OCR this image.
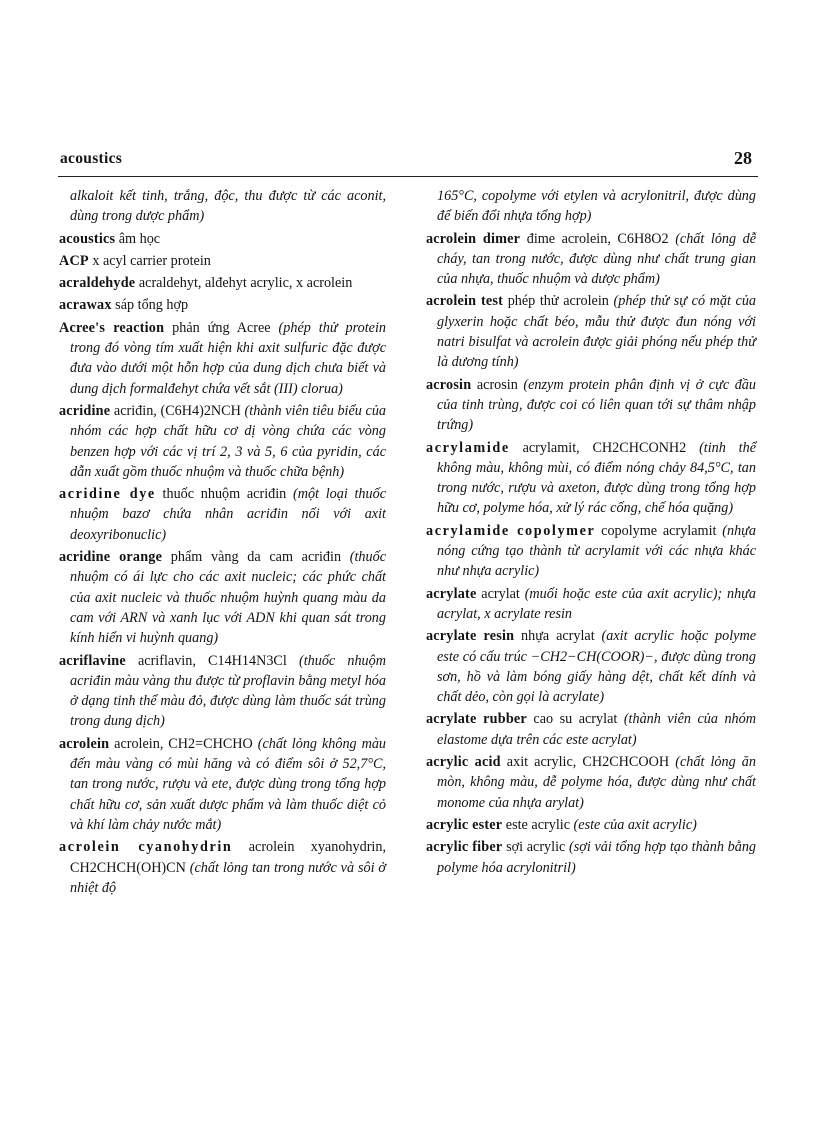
acoustics	28

alkaloit kết tinh, trắng, độc, thu được từ các aconit, dùng trong dược phẩm)

acoustics âm học

ACP x acyl carrier protein

acraldehyde acraldehyt, alđehyt acrylic, x acrolein

acrawax sáp tổng hợp

Acree's reaction phản ứng Acree (phép thử protein trong đó vòng tím xuất hiện khi axit sulfuric đặc được đưa vào dưới một hỗn hợp của dung dịch chưa biết và dung dịch formalđehyt chứa vết sắt (III) clorua)

acridine acriđin, (C6H4)2NCH (thành viên tiêu biểu của nhóm các hợp chất hữu cơ dị vòng chứa các vòng benzen hợp với các vị trí 2, 3 và 5, 6 của pyridin, các dẫn xuất gồm thuốc nhuộm và thuốc chữa bệnh)

acridine dye thuốc nhuộm acriđin (một loại thuốc nhuộm bazơ chứa nhân acriđin nối với axit deoxyribonuclic)

acridine orange phẩm vàng da cam acriđin (thuốc nhuộm có ái lực cho các axit nucleic; các phức chất của axit nucleic và thuốc nhuộm huỳnh quang màu da cam với ARN và xanh lục với ADN khi quan sát trong kính hiển vi huỳnh quang)

acriflavine acriflavin, C14H14N3Cl (thuốc nhuộm acriđin màu vàng thu được từ proflavin bằng metyl hóa ở dạng tinh thể màu đỏ, được dùng làm thuốc sát trùng trong dung dịch)

acrolein acrolein, CH2=CHCHO (chất lỏng không màu đến màu vàng có mùi hăng và có điểm sôi ở 52,7°C, tan trong nước, rượu và ete, được dùng trong tổng hợp chất hữu cơ, sản xuất dược phẩm và làm thuốc diệt cỏ và khí làm chảy nước mắt)

acrolein cyanohydrin acrolein xyanohydrin, CH2CHCH(OH)CN (chất lỏng tan trong nước và sôi ở nhiệt độ

165°C, copolyme với etylen và acrylonitril, được dùng để biến đổi nhựa tổng hợp)

acrolein dimer đime acrolein, C6H8O2 (chất lỏng dễ cháy, tan trong nước, được dùng như chất trung gian của nhựa, thuốc nhuộm và dược phẩm)

acrolein test phép thử acrolein (phép thử sự có mặt của glyxerin hoặc chất béo, mẫu thử được đun nóng với natri bisulfat và acrolein được giải phóng nếu phép thử là dương tính)

acrosin acrosin (enzym protein phân định vị ở cực đầu của tinh trùng, được coi có liên quan tới sự thâm nhập trứng)

acrylamide acrylamit, CH2CHCONH2 (tinh thể không màu, không mùi, có điểm nóng chảy 84,5°C, tan trong nước, rượu và axeton, được dùng trong tổng hợp hữu cơ, polyme hóa, xử lý rác cống, chế hóa quặng)

acrylamide copolymer copolyme acrylamit (nhựa nóng cứng tạo thành từ acrylamit với các nhựa khác như nhựa acrylic)

acrylate acrylat (muối hoặc este của axit acrylic); nhựa acrylat, x acrylate resin

acrylate resin nhựa acrylat (axit acrylic hoặc polyme este có cấu trúc −CH2−CH(COOR)−, được dùng trong sơn, hồ và làm bóng giấy hàng dệt, chất kết dính và chất dẻo, còn gọi là acrylate)

acrylate rubber cao su acrylat (thành viên của nhóm elastome dựa trên các este acrylat)

acrylic acid axit acrylic, CH2CHCOOH (chất lỏng ăn mòn, không màu, dễ polyme hóa, được dùng như chất monome của nhựa arylat)

acrylic ester este acrylic (este của axit acrylic)

acrylic fiber sợi acrylic (sợi vải tổng hợp tạo thành bằng polyme hóa acrylonitril)
